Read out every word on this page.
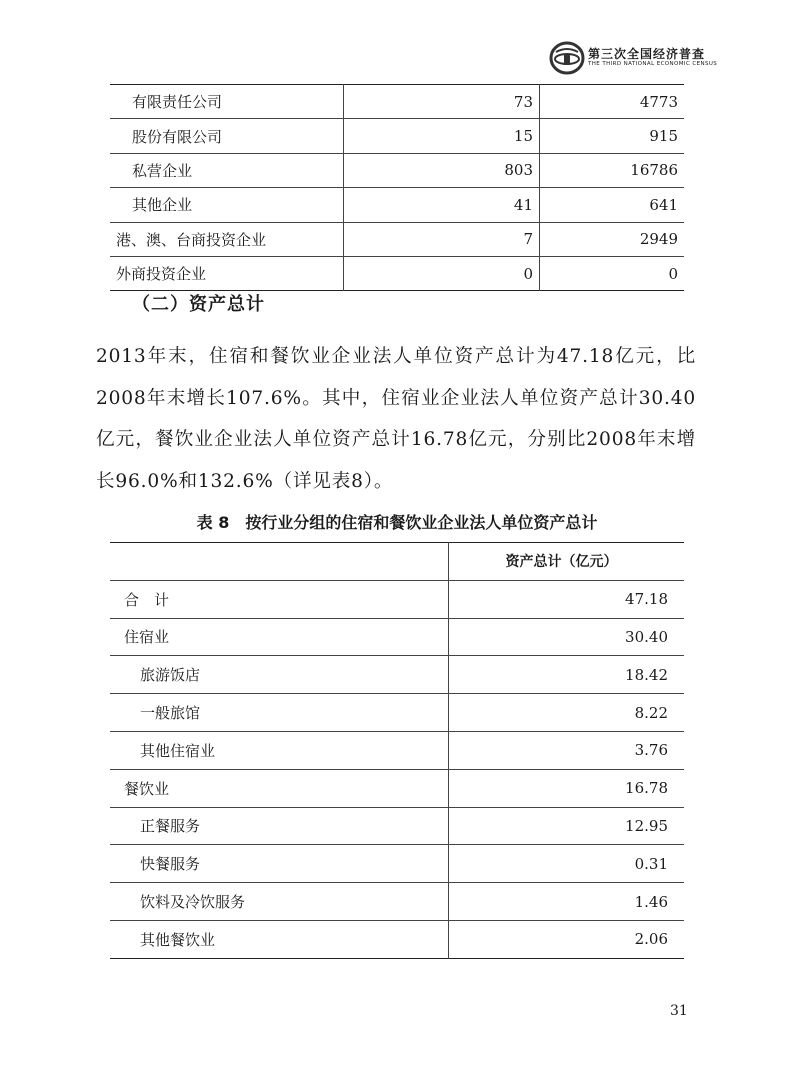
第三次全国经济普查
THE THIRD NATIONAL ECONOMIC CENSUS
有限责任公司	73	4773
股份有限公司	15	915
私营企业	803	16786
其他企业	41	641
港、澳、台商投资企业	7	2949
外商投资企业	0	0
（二）资产总计

2013年末，住宿和餐饮业企业法人单位资产总计为47.18亿元，比2008年末增长107.6%。其中，住宿业企业法人单位资产总计30.40亿元，餐饮业企业法人单位资产总计16.78亿元，分别比2008年末增长96.0%和132.6%（详见表8）。

表 8　按行业分组的住宿和餐饮业企业法人单位资产总计
	资产总计（亿元）
合　计	47.18
住宿业	30.40
旅游饭店	18.42
一般旅馆	8.22
其他住宿业	3.76
餐饮业	16.78
正餐服务	12.95
快餐服务	0.31
饮料及冷饮服务	1.46
其他餐饮业	2.06
31
